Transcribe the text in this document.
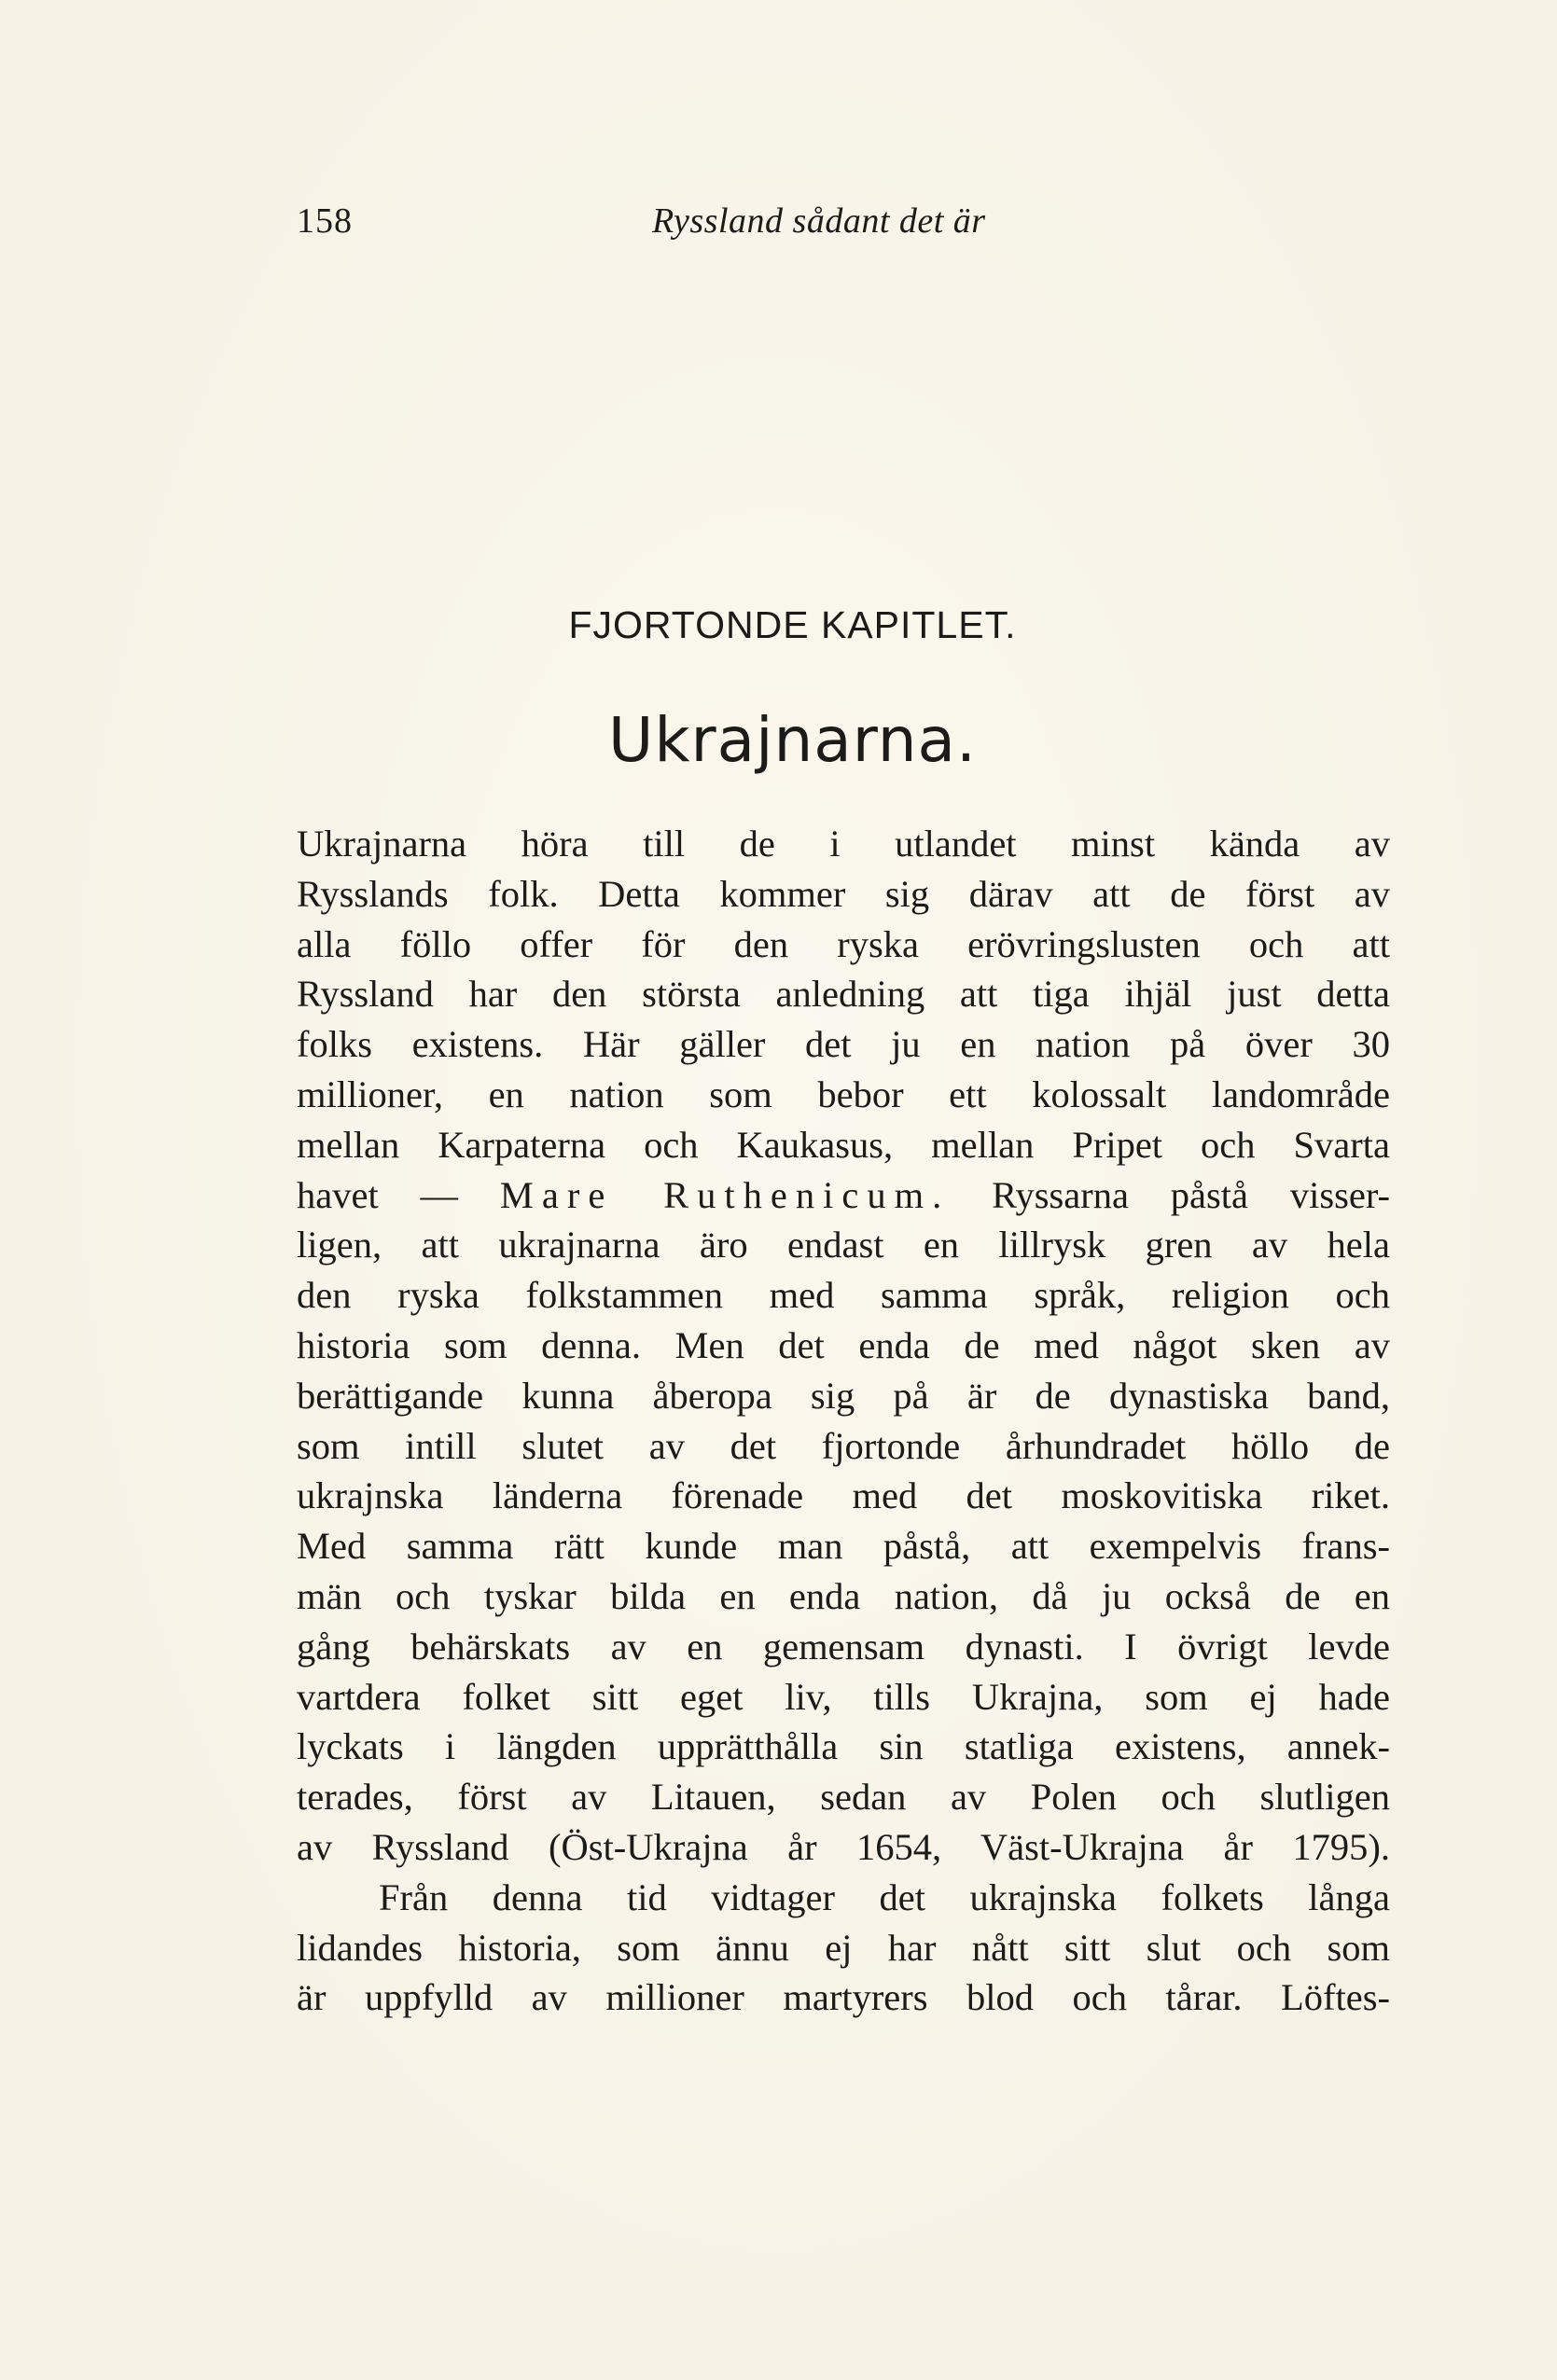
158	Ryssland sådant det är
FJORTONDE KAPITLET.
Ukrajnarna.
Ukrajnarna höra till de i utlandet minst kända av
Rysslands folk. Detta kommer sig därav att de först av
alla föllo offer för den ryska erövringslusten och att
Ryssland har den största anledning att tiga ihjäl just detta
folks existens. Här gäller det ju en nation på över 30
millioner, en nation som bebor ett kolossalt landområde
mellan Karpaterna och Kaukasus, mellan Pripet och Svarta
havet — Mare Ruthenicum. Ryssarna påstå visser-
ligen, att ukrajnarna äro endast en lillrysk gren av hela
den ryska folkstammen med samma språk, religion och
historia som denna. Men det enda de med något sken av
berättigande kunna åberopa sig på är de dynastiska band,
som intill slutet av det fjortonde århundradet höllo de
ukrajnska länderna förenade med det moskovitiska riket.
Med samma rätt kunde man påstå, att exempelvis frans-
män och tyskar bilda en enda nation, då ju också de en
gång behärskats av en gemensam dynasti. I övrigt levde
vartdera folket sitt eget liv, tills Ukrajna, som ej hade
lyckats i längden upprätthålla sin statliga existens, annek-
terades, först av Litauen, sedan av Polen och slutligen
av Ryssland (Öst-Ukrajna år 1654, Väst-Ukrajna år 1795).
Från denna tid vidtager det ukrajnska folkets långa
lidandes historia, som ännu ej har nått sitt slut och som
är uppfylld av millioner martyrers blod och tårar. Löftes-
